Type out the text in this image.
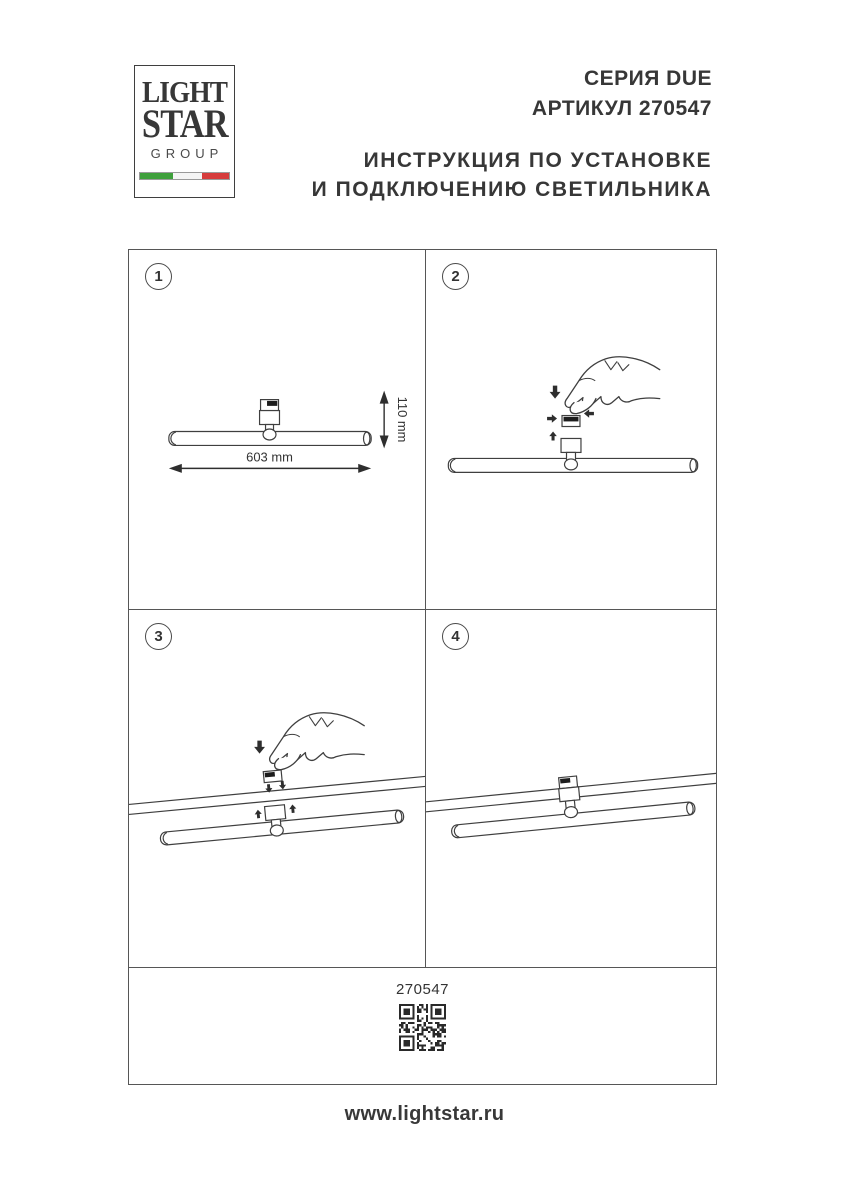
LIGHT
STAR
GROUP
СЕРИЯ DUE
АРТИКУЛ 270547
ИНСТРУКЦИЯ ПО УСТАНОВКЕ
И ПОДКЛЮЧЕНИЮ СВЕТИЛЬНИКА
1
603 mm
110 mm
2
3	4
270547
www.lightstar.ru
